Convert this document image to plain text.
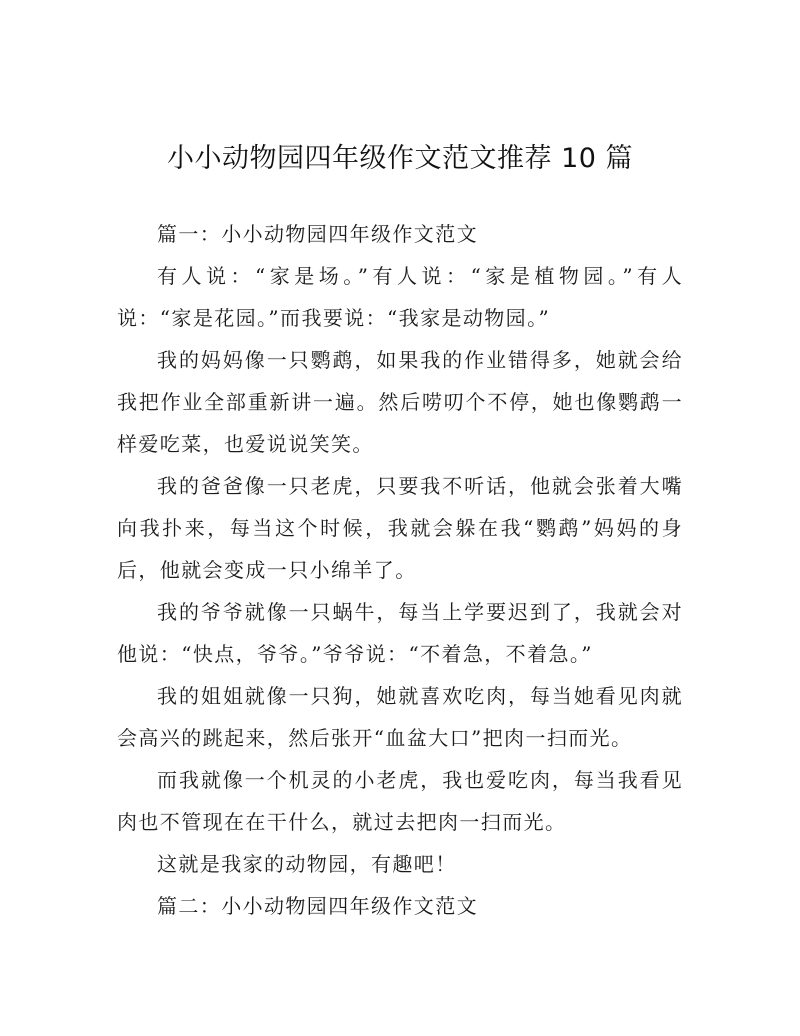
小小动物园四年级作文范文推荐 10 篇

篇一：小小动物园四年级作文范文

有人说：“家是场。”有人说：“家是植物园。”有人说：“家是花园。”而我要说：“我家是动物园。”

我的妈妈像一只鹦鹉，如果我的作业错得多，她就会给我把作业全部重新讲一遍。然后唠叨个不停，她也像鹦鹉一样爱吃菜，也爱说说笑笑。

我的爸爸像一只老虎，只要我不听话，他就会张着大嘴向我扑来，每当这个时候，我就会躲在我“鹦鹉”妈妈的身后，他就会变成一只小绵羊了。

我的爷爷就像一只蜗牛，每当上学要迟到了，我就会对他说：“快点，爷爷。”爷爷说：“不着急，不着急。”

我的姐姐就像一只狗，她就喜欢吃肉，每当她看见肉就会高兴的跳起来，然后张开“血盆大口”把肉一扫而光。

而我就像一个机灵的小老虎，我也爱吃肉，每当我看见肉也不管现在在干什么，就过去把肉一扫而光。

这就是我家的动物园，有趣吧！

篇二：小小动物园四年级作文范文
